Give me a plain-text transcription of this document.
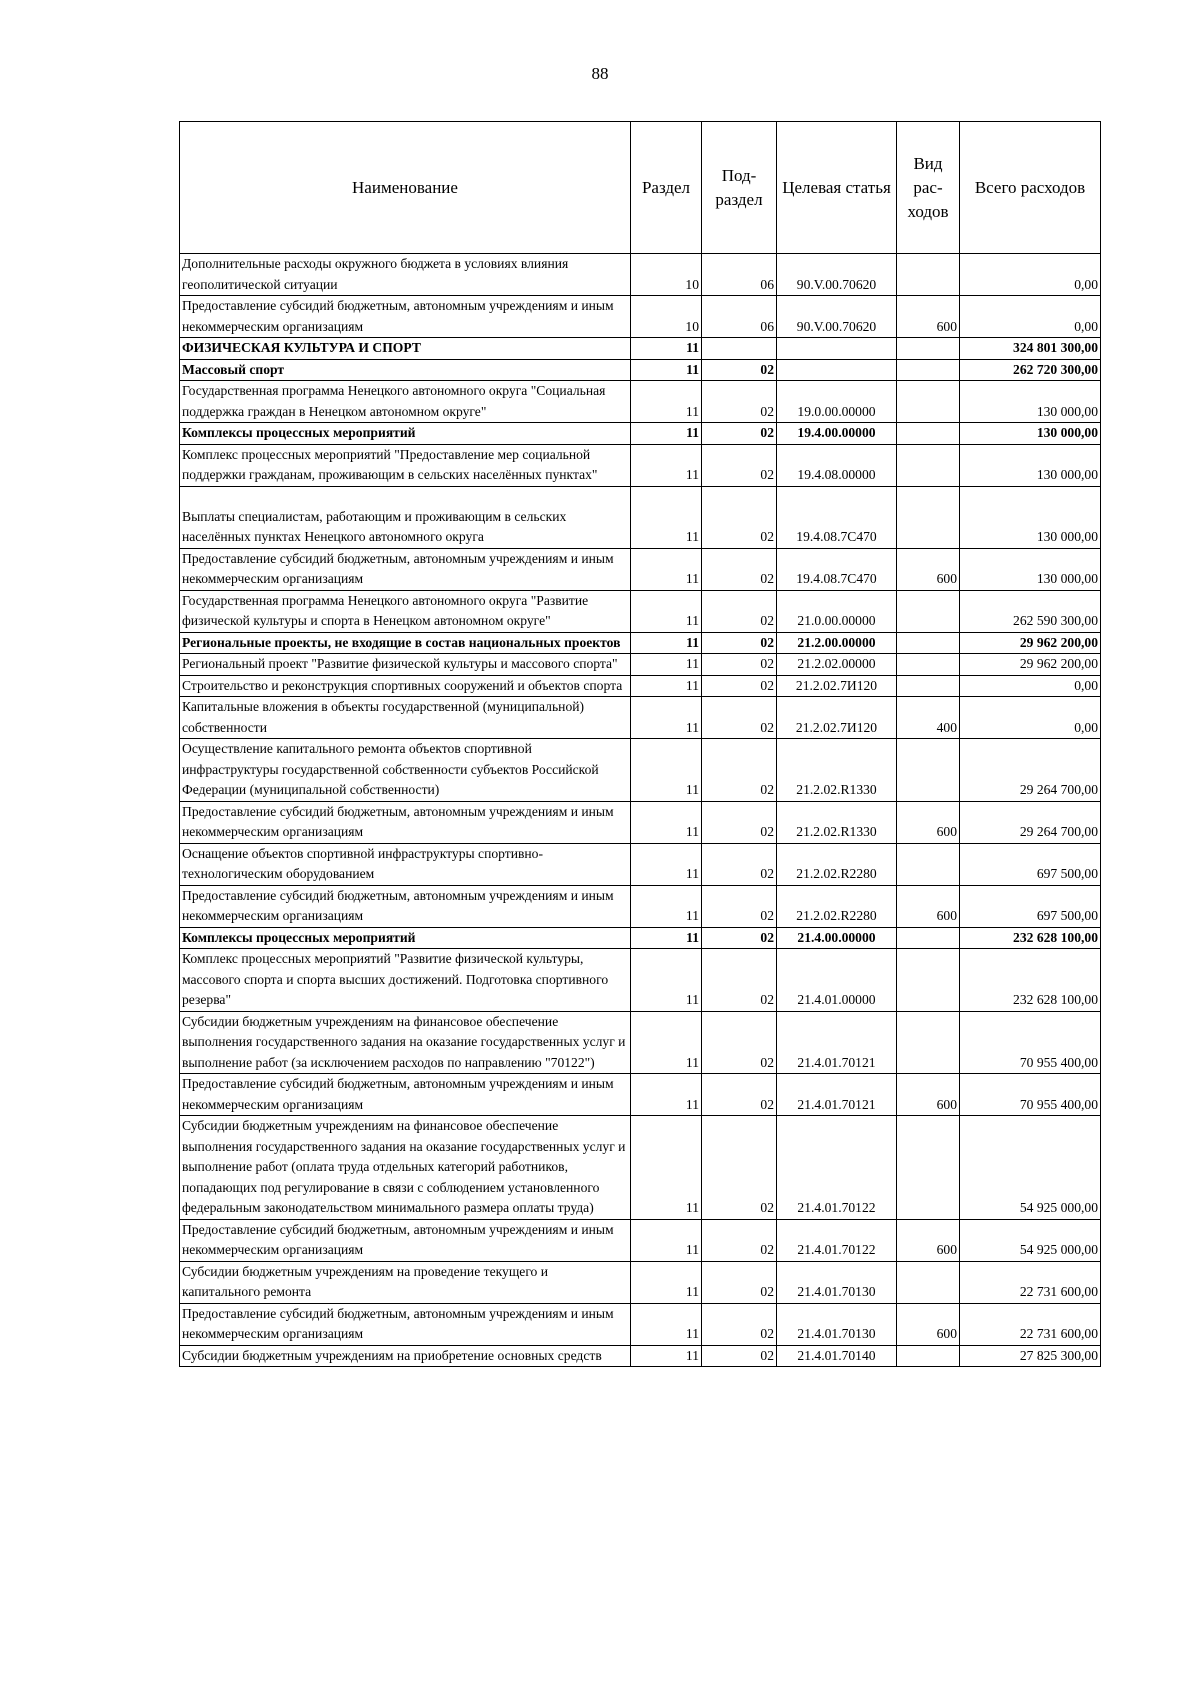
88
Наименование	Раздел	Под-раздел	Целевая статья	Вид рас-ходов	Всего расходов
Дополнительные расходы окружного бюджета в условиях влияния геополитической ситуации	10	06	90.V.00.70620		0,00
Предоставление субсидий бюджетным, автономным учреждениям и иным некоммерческим организациям	10	06	90.V.00.70620	600	0,00
ФИЗИЧЕСКАЯ КУЛЬТУРА И СПОРТ	11				324 801 300,00
Массовый спорт	11	02			262 720 300,00
Государственная программа Ненецкого автономного округа "Социальная поддержка граждан в Ненецком автономном округе"	11	02	19.0.00.00000		130 000,00
Комплексы процессных мероприятий	11	02	19.4.00.00000		130 000,00
Комплекс процессных мероприятий "Предоставление мер социальной поддержки гражданам, проживающим в сельских населённых пунктах"	11	02	19.4.08.00000		130 000,00
Выплаты специалистам, работающим и проживающим в сельских населённых пунктах Ненецкого автономного округа	11	02	19.4.08.7С470		130 000,00
Предоставление субсидий бюджетным, автономным учреждениям и иным некоммерческим организациям	11	02	19.4.08.7С470	600	130 000,00
Государственная программа Ненецкого автономного округа "Развитие физической культуры и спорта в Ненецком автономном округе"	11	02	21.0.00.00000		262 590 300,00
Региональные проекты, не входящие в состав национальных проектов	11	02	21.2.00.00000		29 962 200,00
Региональный проект "Развитие физической культуры и массового спорта"	11	02	21.2.02.00000		29 962 200,00
Строительство и реконструкция спортивных сооружений и объектов спорта	11	02	21.2.02.7И120		0,00
Капитальные вложения в объекты государственной (муниципальной) собственности	11	02	21.2.02.7И120	400	0,00
Осуществление капитального ремонта объектов спортивной инфраструктуры государственной собственности субъектов Российской Федерации (муниципальной собственности)	11	02	21.2.02.R1330		29 264 700,00
Предоставление субсидий бюджетным, автономным учреждениям и иным некоммерческим организациям	11	02	21.2.02.R1330	600	29 264 700,00
Оснащение объектов спортивной инфраструктуры спортивно-технологическим оборудованием	11	02	21.2.02.R2280		697 500,00
Предоставление субсидий бюджетным, автономным учреждениям и иным некоммерческим организациям	11	02	21.2.02.R2280	600	697 500,00
Комплексы процессных мероприятий	11	02	21.4.00.00000		232 628 100,00
Комплекс процессных мероприятий "Развитие физической культуры, массового спорта и спорта высших достижений. Подготовка спортивного резерва"	11	02	21.4.01.00000		232 628 100,00
Субсидии бюджетным учреждениям на финансовое обеспечение выполнения государственного задания на оказание государственных услуг и выполнение работ (за исключением расходов по направлению "70122")	11	02	21.4.01.70121		70 955 400,00
Предоставление субсидий бюджетным, автономным учреждениям и иным некоммерческим организациям	11	02	21.4.01.70121	600	70 955 400,00
Субсидии бюджетным учреждениям на финансовое обеспечение выполнения государственного задания на оказание государственных услуг и выполнение работ (оплата труда отдельных категорий работников, попадающих под регулирование в связи с соблюдением установленного федеральным законодательством минимального размера оплаты труда)	11	02	21.4.01.70122		54 925 000,00
Предоставление субсидий бюджетным, автономным учреждениям и иным некоммерческим организациям	11	02	21.4.01.70122	600	54 925 000,00
Субсидии бюджетным учреждениям на проведение текущего и капитального ремонта	11	02	21.4.01.70130		22 731 600,00
Предоставление субсидий бюджетным, автономным учреждениям и иным некоммерческим организациям	11	02	21.4.01.70130	600	22 731 600,00
Субсидии бюджетным учреждениям на приобретение основных средств	11	02	21.4.01.70140		27 825 300,00
